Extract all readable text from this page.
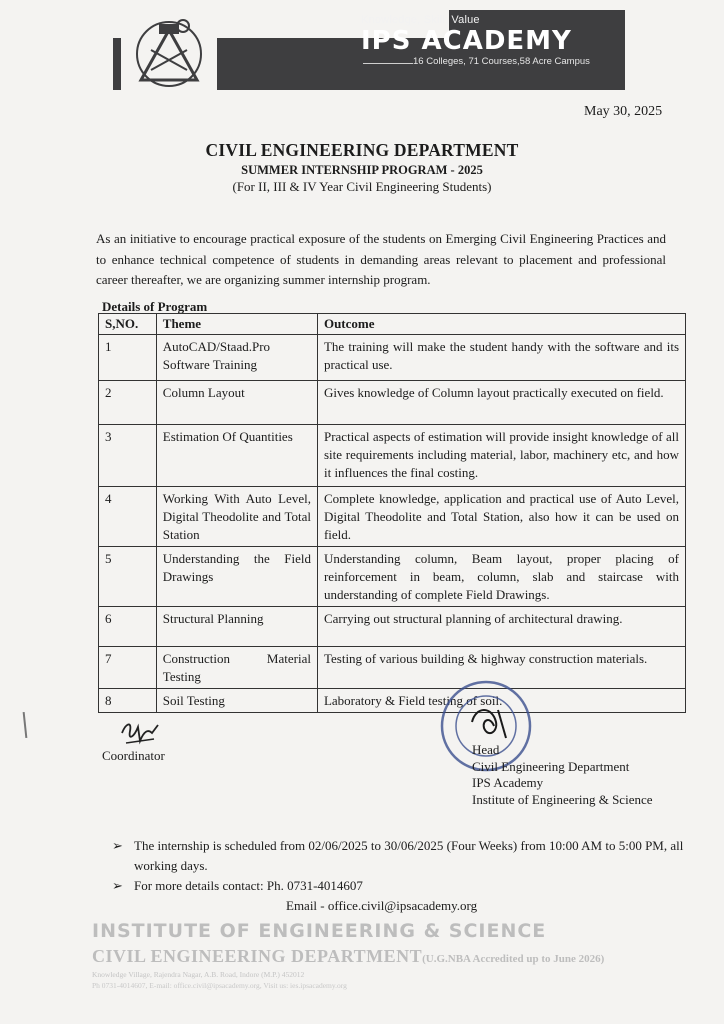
Knowledge, Skill, Value
IPS ACADEMY
16 Colleges, 71 Courses,58 Acre Campus
May 30, 2025
CIVIL ENGINEERING DEPARTMENT
SUMMER INTERNSHIP PROGRAM - 2025
(For II, III & IV Year Civil Engineering Students)
As an initiative to encourage practical exposure of the students on Emerging Civil Engineering Practices and to enhance technical competence of students in demanding areas relevant to placement and professional career thereafter, we are organizing summer internship program.
Details of Program
S,NO.	Theme	Outcome
1	AutoCAD/Staad.Pro Software Training	The training will make the student handy with the software and its practical use.
2	Column Layout	Gives knowledge of Column layout practically executed on field.
3	Estimation Of Quantities	Practical aspects of estimation will provide insight knowledge of all site requirements including material, labor, machinery etc, and how it influences the final costing.
4	Working With Auto Level, Digital Theodolite and Total Station	Complete knowledge, application and practical use of Auto Level, Digital Theodolite and Total Station, also how it can be used on field.
5	Understanding the Field Drawings	Understanding column, Beam layout, proper placing of reinforcement in beam, column, slab and staircase with understanding of complete Field Drawings.
6	Structural Planning	Carrying out structural planning of architectural drawing.
7	Construction Material Testing	Testing of various building & highway construction materials.
8	Soil Testing	Laboratory & Field testing of soil.
Coordinator	Head
Civil Engineering Department
IPS Academy
Institute of Engineering & Science
➢ The internship is scheduled from 02/06/2025 to 30/06/2025 (Four Weeks) from 10:00 AM to 5:00 PM, all working days.
➢ For more details contact: Ph. 0731-4014607
Email - office.civil@ipsacademy.org
INSTITUTE OF ENGINEERING & SCIENCE
CIVIL ENGINEERING DEPARTMENT(U.G.NBA Accredited up to June 2026)
Knowledge Village, Rajendra Nagar, A.B. Road, Indore (M.P.) 452012
Ph 0731-4014607, E-mail: office.civil@ipsacademy.org, Visit us: ies.ipsacademy.org
